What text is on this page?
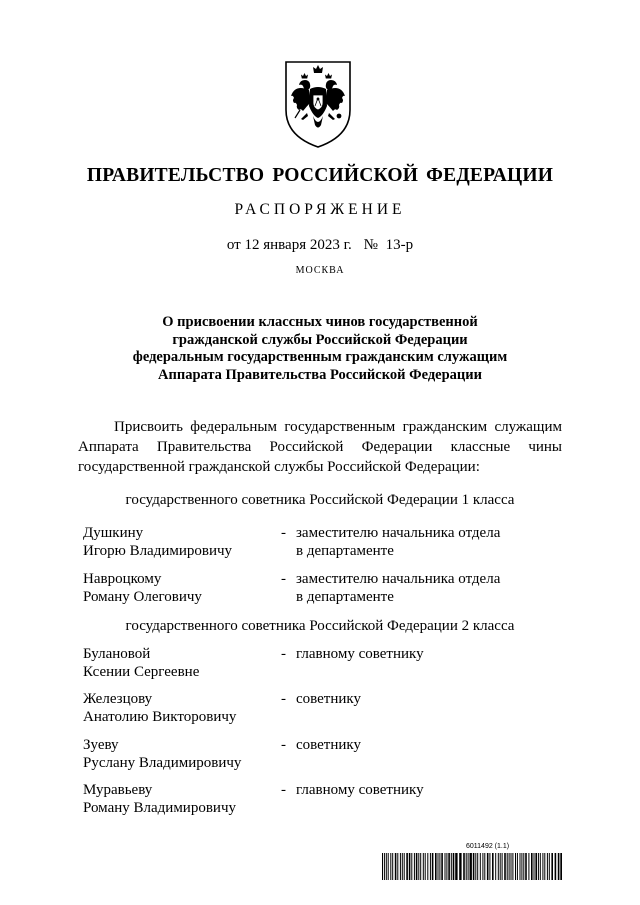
ПРАВИТЕЛЬСТВО РОССИЙСКОЙ ФЕДЕРАЦИИ
РАСПОРЯЖЕНИЕ
от 12 января 2023 г. № 13-р
МОСКВА
О присвоении классных чинов государственной
гражданской службы Российской Федерации
федеральным государственным гражданским служащим
Аппарата Правительства Российской Федерации
Присвоить федеральным государственным гражданским служащим
Аппарата Правительства Российской Федерации классные чины
государственной гражданской службы Российской Федерации:
государственного советника Российской Федерации 1 класса
Душкину
Игорю Владимировичу
- заместителю начальника отдела
в департаменте
Навроцкому
Роману Олеговичу
- заместителю начальника отдела
в департаменте
государственного советника Российской Федерации 2 класса
Булановой
Ксении Сергеевне
- главному советнику
Железцову
Анатолию Викторовичу
- советнику
Зуеву
Руслану Владимировичу
- советнику
Муравьеву
Роману Владимировичу
- главному советнику
6011492 (1.1)
